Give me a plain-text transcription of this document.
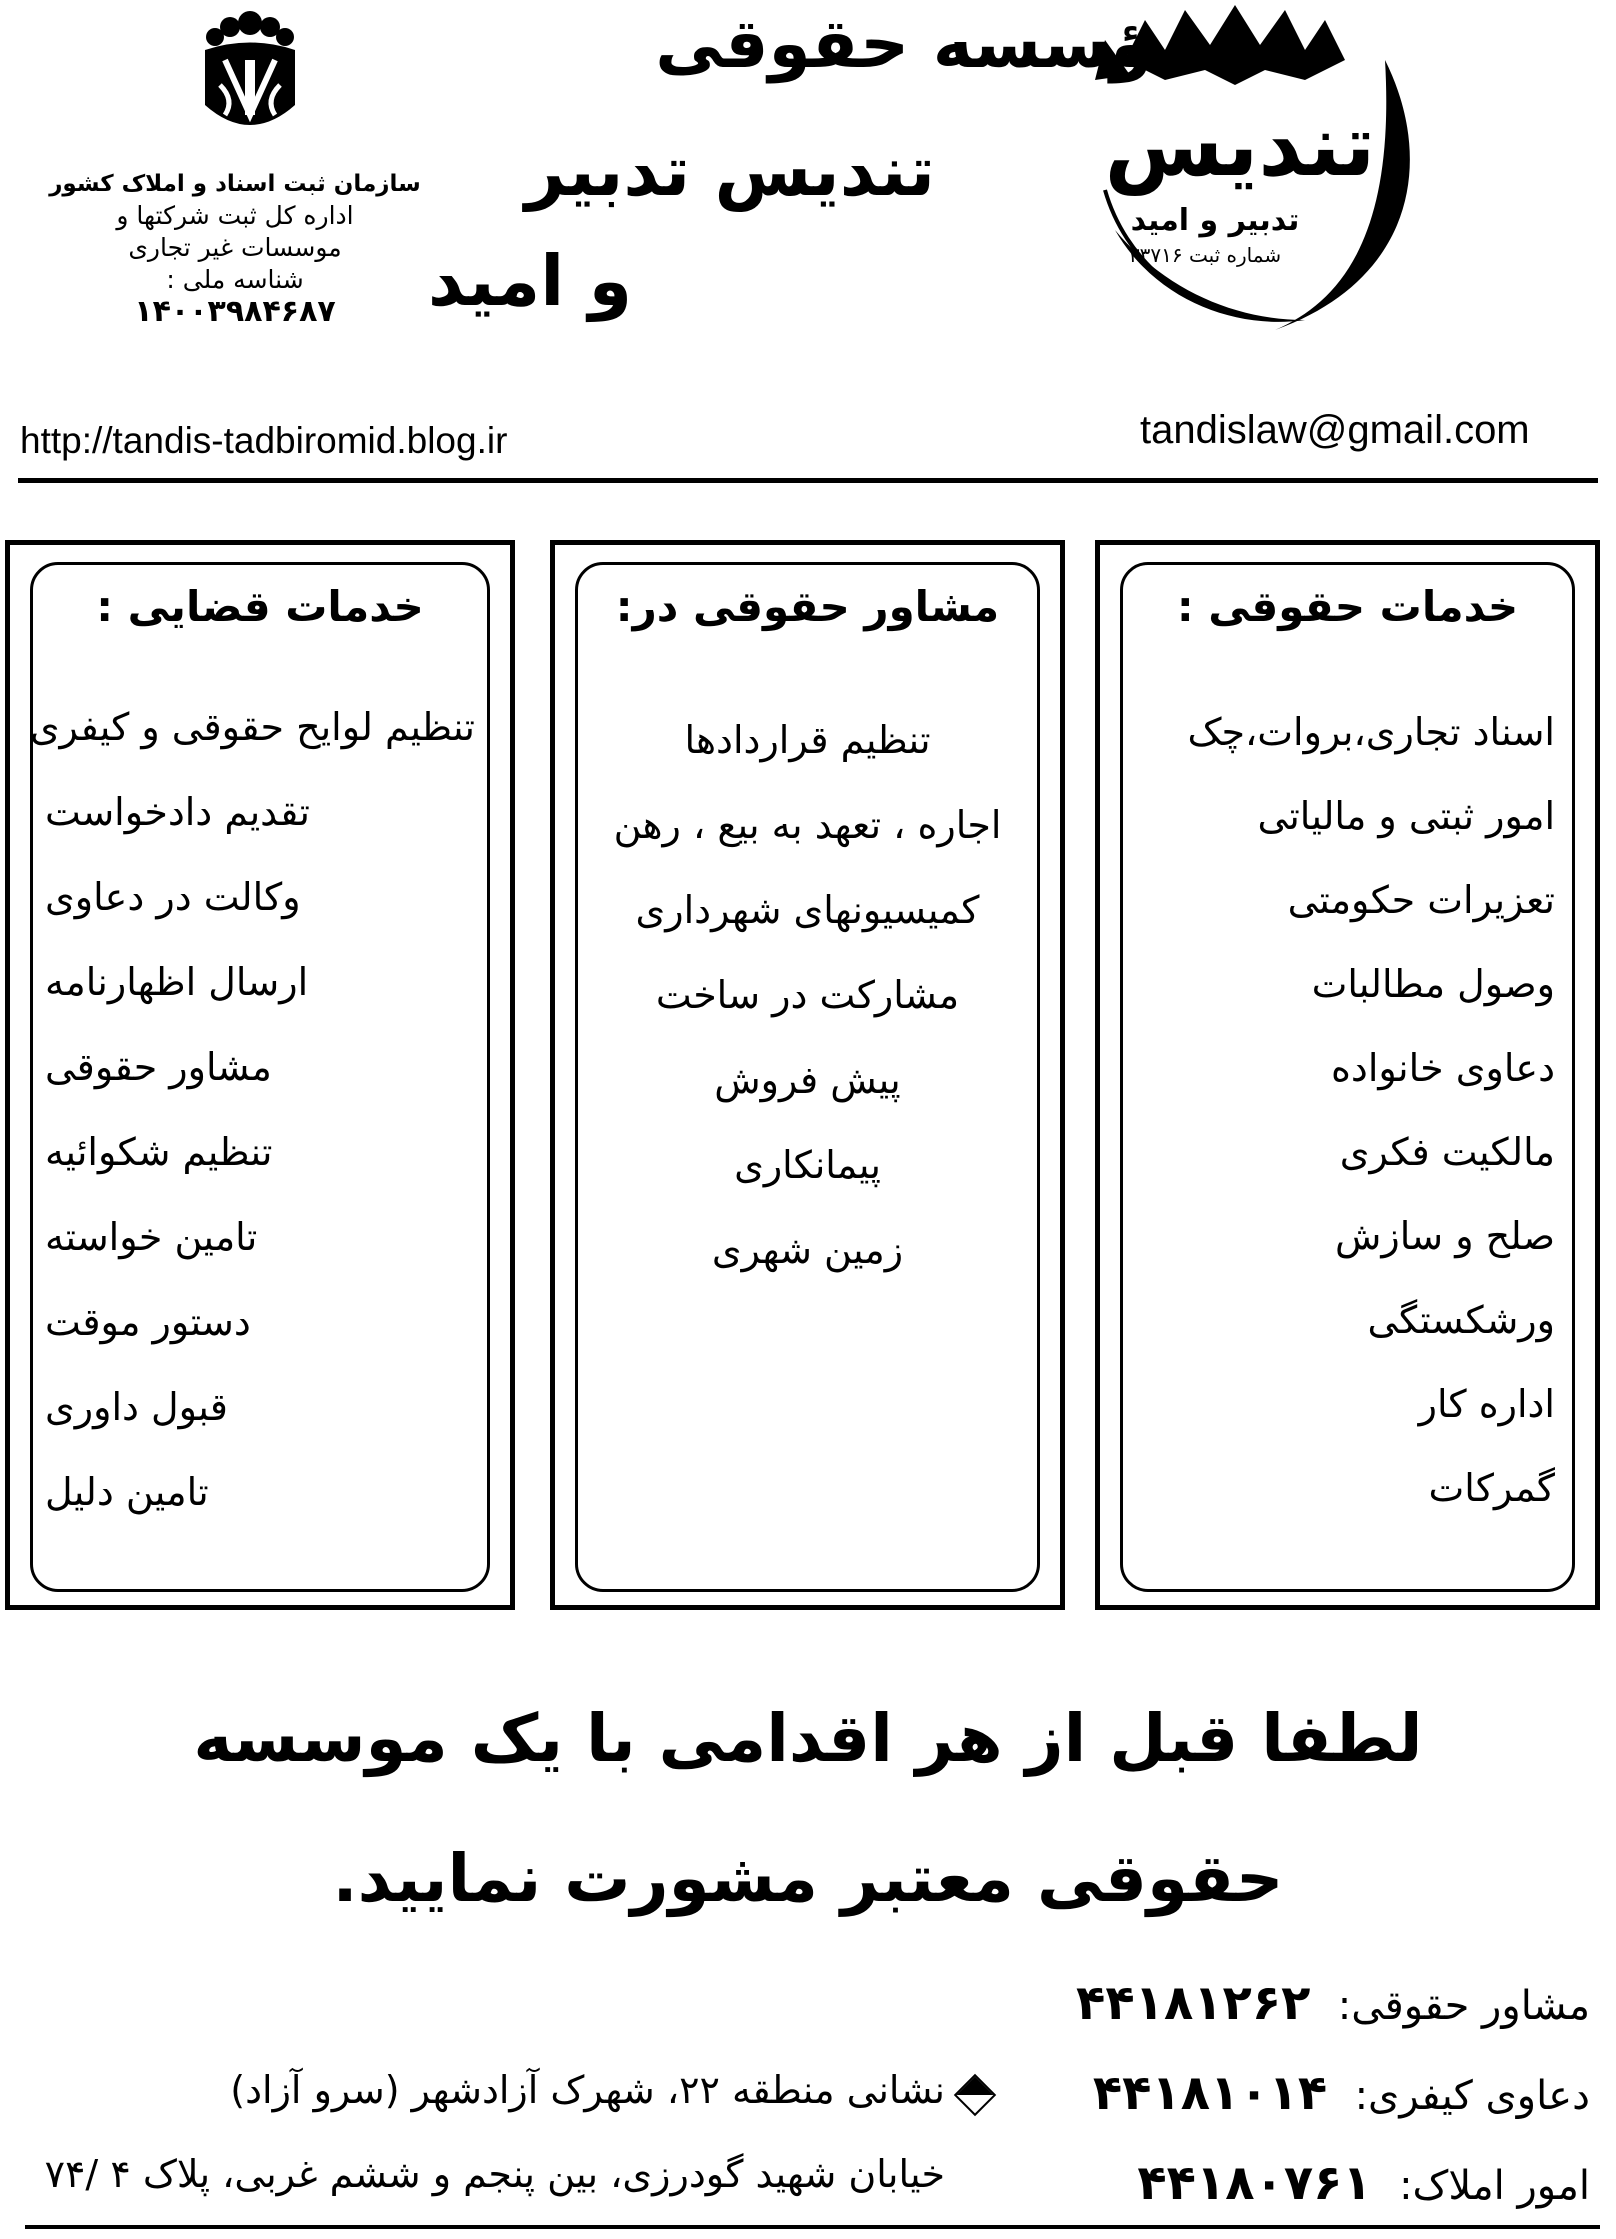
تندیس
تدبیر و امید
شماره ثبت ۳۳۷۱۶
مؤسسه حقوقی
تندیس تدبیر
و امید
سازمان ثبت اسناد و املاک کشور
اداره کل ثبت شرکتها و
موسسات غیر تجاری
شناسه ملی :
۱۴۰۰۳۹۸۴۶۸۷
tandislaw@gmail.com
http://tandis-tadbiromid.blog.ir
خدمات حقوقی :
اسناد تجاری،بروات،چک
امور ثبتی و مالیاتی
تعزیرات حکومتی
وصول مطالبات
دعاوی خانواده
مالکیت فکری
صلح و سازش
ورشکستگی
اداره کار
گمرکات
مشاور حقوقی در:
تنظیم قراردادها
اجاره ، تعهد به بیع ، رهن
کمیسیونهای شهرداری
مشارکت در ساخت
پیش فروش
پیمانکاری
زمین شهری
خدمات قضایی :
تنظیم لوایح حقوقی و کیفری
تقدیم دادخواست
وکالت در دعاوی
ارسال اظهارنامه
مشاور حقوقی
تنظیم شکوائیه
تامین خواسته
دستور موقت
قبول داوری
تامین دلیل
لطفا قبل از هر اقدامی با یک موسسه
حقوقی معتبر مشورت نمایید.
مشاور حقوقی: ۴۴۱۸۱۲۶۲
دعاوی کیفری: ۴۴۱۸۱۰۱۴
امور املاک: ۴۴۱۸۰۷۶۱
نشانی منطقه ۲۲، شهرک آزادشهر (سرو آزاد)
خیابان شهید گودرزی، بین پنجم و ششم غربی، پلاک ۴ /۷۴
